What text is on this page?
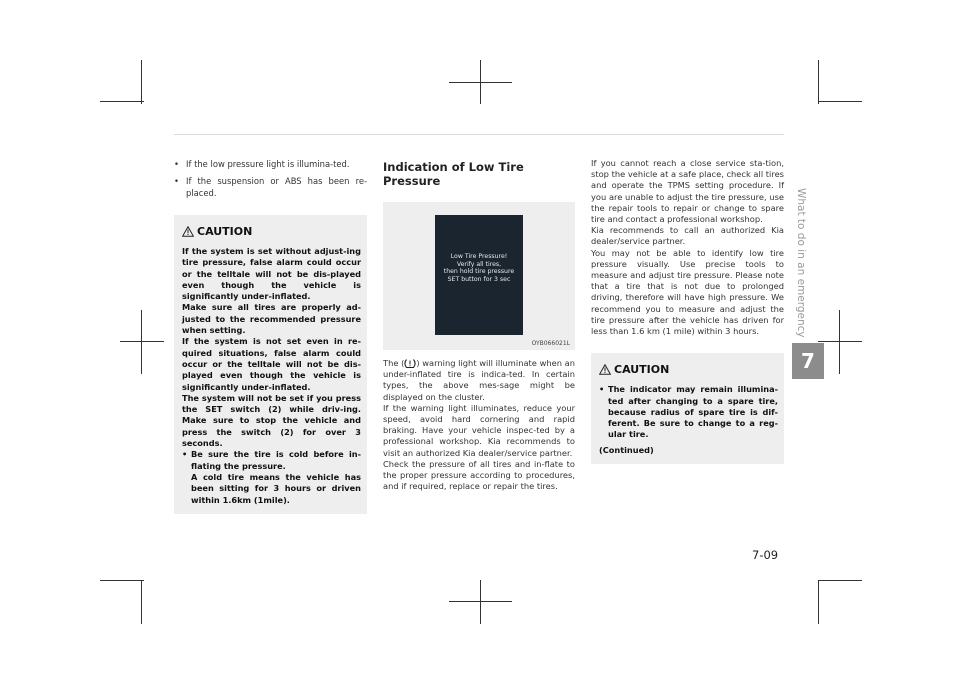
• If the low pressure light is illumina-ted.
• If the suspension or ABS has been re-placed.
CAUTION

If the system is set without adjust-ing tire pressure, false alarm could occur or the telltale will not be dis-played even though the vehicle is significantly under-inflated.

Make sure all tires are properly ad-justed to the recommended pressure when setting.

If the system is not set even in re-quired situations, false alarm could occur or the telltale will not be dis-played even though the vehicle is significantly under-inflated.

The system will not be set if you press the SET switch (2) while driv-ing. Make sure to stop the vehicle and press the switch (2) for over 3 seconds.

• Be sure the tire is cold before in-flating the pressure.

A cold tire means the vehicle has been sitting for 3 hours or driven within 1.6km (1mile).

Indication of Low Tire Pressure
Low Tire Pressure!
Verify all tires,
then hold tire pressure
SET button for 3 sec
OYB066021L

The ( ) warning light will illuminate when an under-inflated tire is indica-ted. In certain types, the above mes-sage might be displayed on the cluster.

If the warning light illuminates, reduce your speed, avoid hard cornering and rapid braking. Have your vehicle inspec-ted by a professional workshop. Kia recommends to visit an authorized Kia dealer/service partner.

Check the pressure of all tires and in-flate to the proper pressure according to procedures, and if required, replace or repair the tires.

If you cannot reach a close service sta-tion, stop the vehicle at a safe place, check all tires and operate the TPMS setting procedure. If you are unable to adjust the tire pressure, use the repair tools to repair or change to spare tire and contact a professional workshop.

Kia recommends to call an authorized Kia dealer/service partner.

You may not be able to identify low tire pressure visually. Use precise tools to measure and adjust tire pressure. Please note that a tire that is not due to prolonged driving, therefore will have high pressure. We recommend you to measure and adjust the tire pressure after the vehicle has driven for less than 1.6 km (1 mile) within 3 hours.

CAUTION

• The indicator may remain illumina-ted after changing to a spare tire, because radius of spare tire is dif-ferent. Be sure to change to a reg-ular tire.

(Continued)

What to do in an emergency
7
7-09
